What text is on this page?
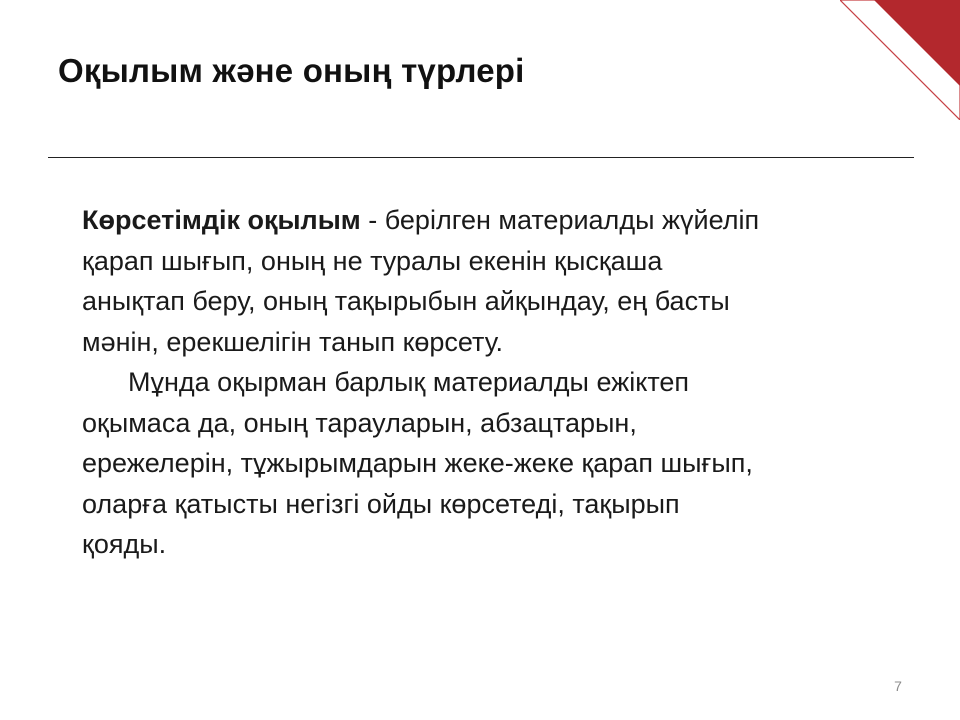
Оқылым және оның түрлері

Көрсетімдік оқылым - берілген материалды жүйеліп
қарап шығып, оның не туралы екенін қысқаша
анықтап беру, оның тақырыбын айқындау, ең басты
мәнін, ерекшелігін танып көрсету.

Мұнда оқырман барлық материалды ежіктеп
оқымаса да, оның тарауларын, абзацтарын,
ережелерін, тұжырымдарын жеке-жеке қарап шығып,
оларға қатысты негізгі ойды көрсетеді, тақырып
қояды.

7
